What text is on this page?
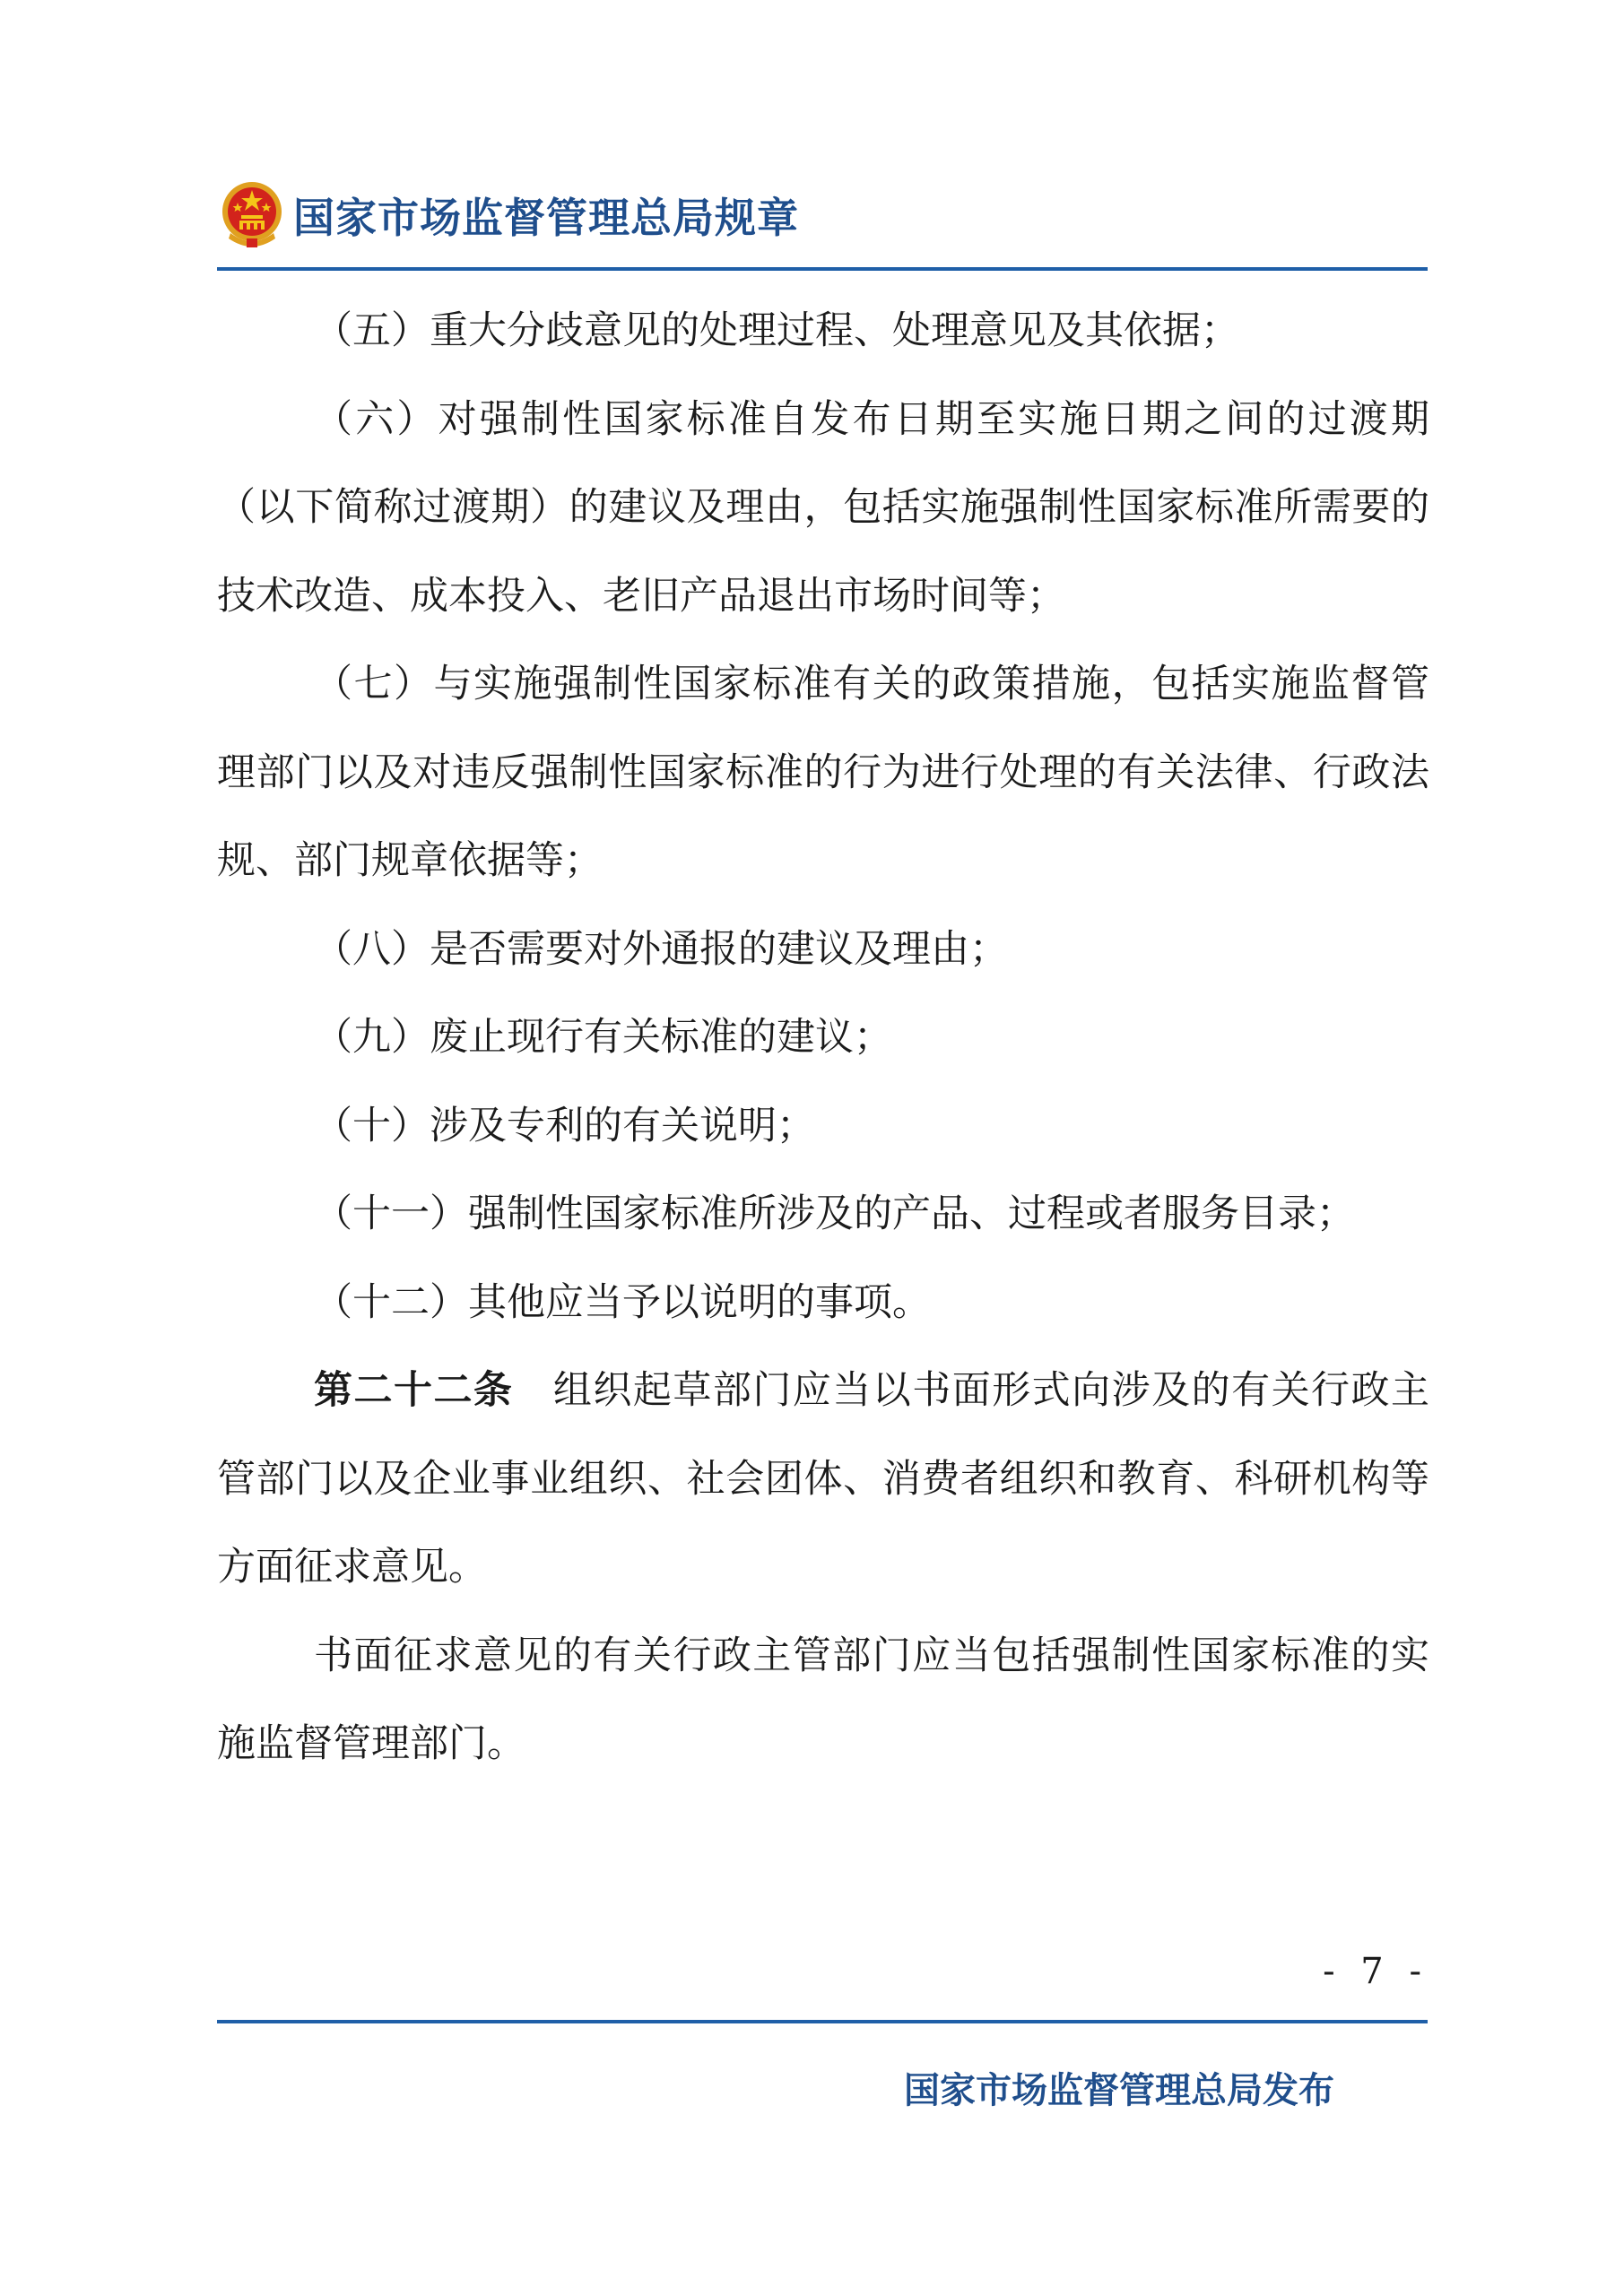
国家市场监督管理总局规章

（五）重大分歧意见的处理过程、处理意见及其依据；

（六）对强制性国家标准自发布日期至实施日期之间的过渡期（以下简称过渡期）的建议及理由，包括实施强制性国家标准所需要的技术改造、成本投入、老旧产品退出市场时间等；

（七）与实施强制性国家标准有关的政策措施，包括实施监督管理部门以及对违反强制性国家标准的行为进行处理的有关法律、行政法规、部门规章依据等；

（八）是否需要对外通报的建议及理由；

（九）废止现行有关标准的建议；

（十）涉及专利的有关说明；

（十一）强制性国家标准所涉及的产品、过程或者服务目录；

（十二）其他应当予以说明的事项。

第二十二条　 组织起草部门应当以书面形式向涉及的有关行政主管部门以及企业事业组织、社会团体、消费者组织和教育、科研机构等方面征求意见。

书面征求意见的有关行政主管部门应当包括强制性国家标准的实施监督管理部门。

- 7 -
国家市场监督管理总局发布
